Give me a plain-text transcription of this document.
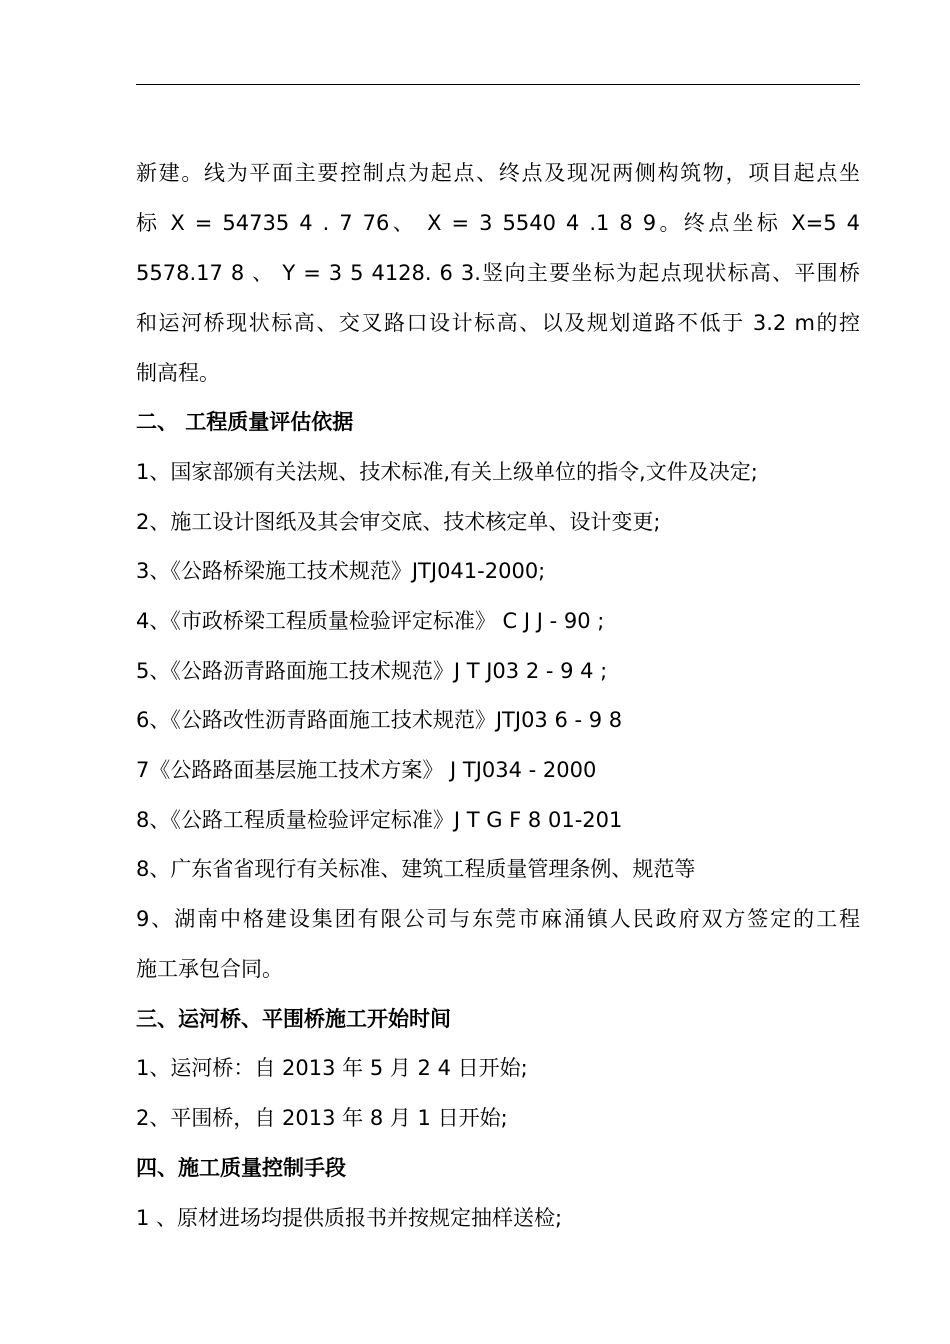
新建。线为平面主要控制点为起点、终点及现况两侧构筑物，项目起点坐
标 X = 54735 4 . 7 76、 X = 3 5540 4 .1 8 9。终点坐标 X=5 4
5578.17 8 、 Y = 3 5 4128. 6 3.竖向主要坐标为起点现状标高、平围桥
和运河桥现状标高、交叉路口设计标高、以及规划道路不低于 3.2 m的控
制高程。
二、 工程质量评估依据
1、国家部颁有关法规、技术标准,有关上级单位的指令,文件及决定;
2、施工设计图纸及其会审交底、技术核定单、设计变更;
3、《公路桥梁施工技术规范》JTJ041-2000;
4、《市政桥梁工程质量检验评定标准》 C J J - 90 ;
5、《公路沥青路面施工技术规范》J T J03 2 - 9 4 ;
6、《公路改性沥青路面施工技术规范》JTJ03 6 - 9 8
7《公路路面基层施工技术方案》 J TJ034 - 2000
8、《公路工程质量检验评定标准》J T G F 8 01-201
8、广东省省现行有关标准、建筑工程质量管理条例、规范等
9、湖南中格建设集团有限公司与东莞市麻涌镇人民政府双方签定的工程
施工承包合同。
三、运河桥、平围桥施工开始时间
1、运河桥：自 2013 年 5 月 2 4 日开始;
2、平围桥，自 2013 年 8 月 1 日开始;
四、施工质量控制手段
1 、原材进场均提供质报书并按规定抽样送检;
